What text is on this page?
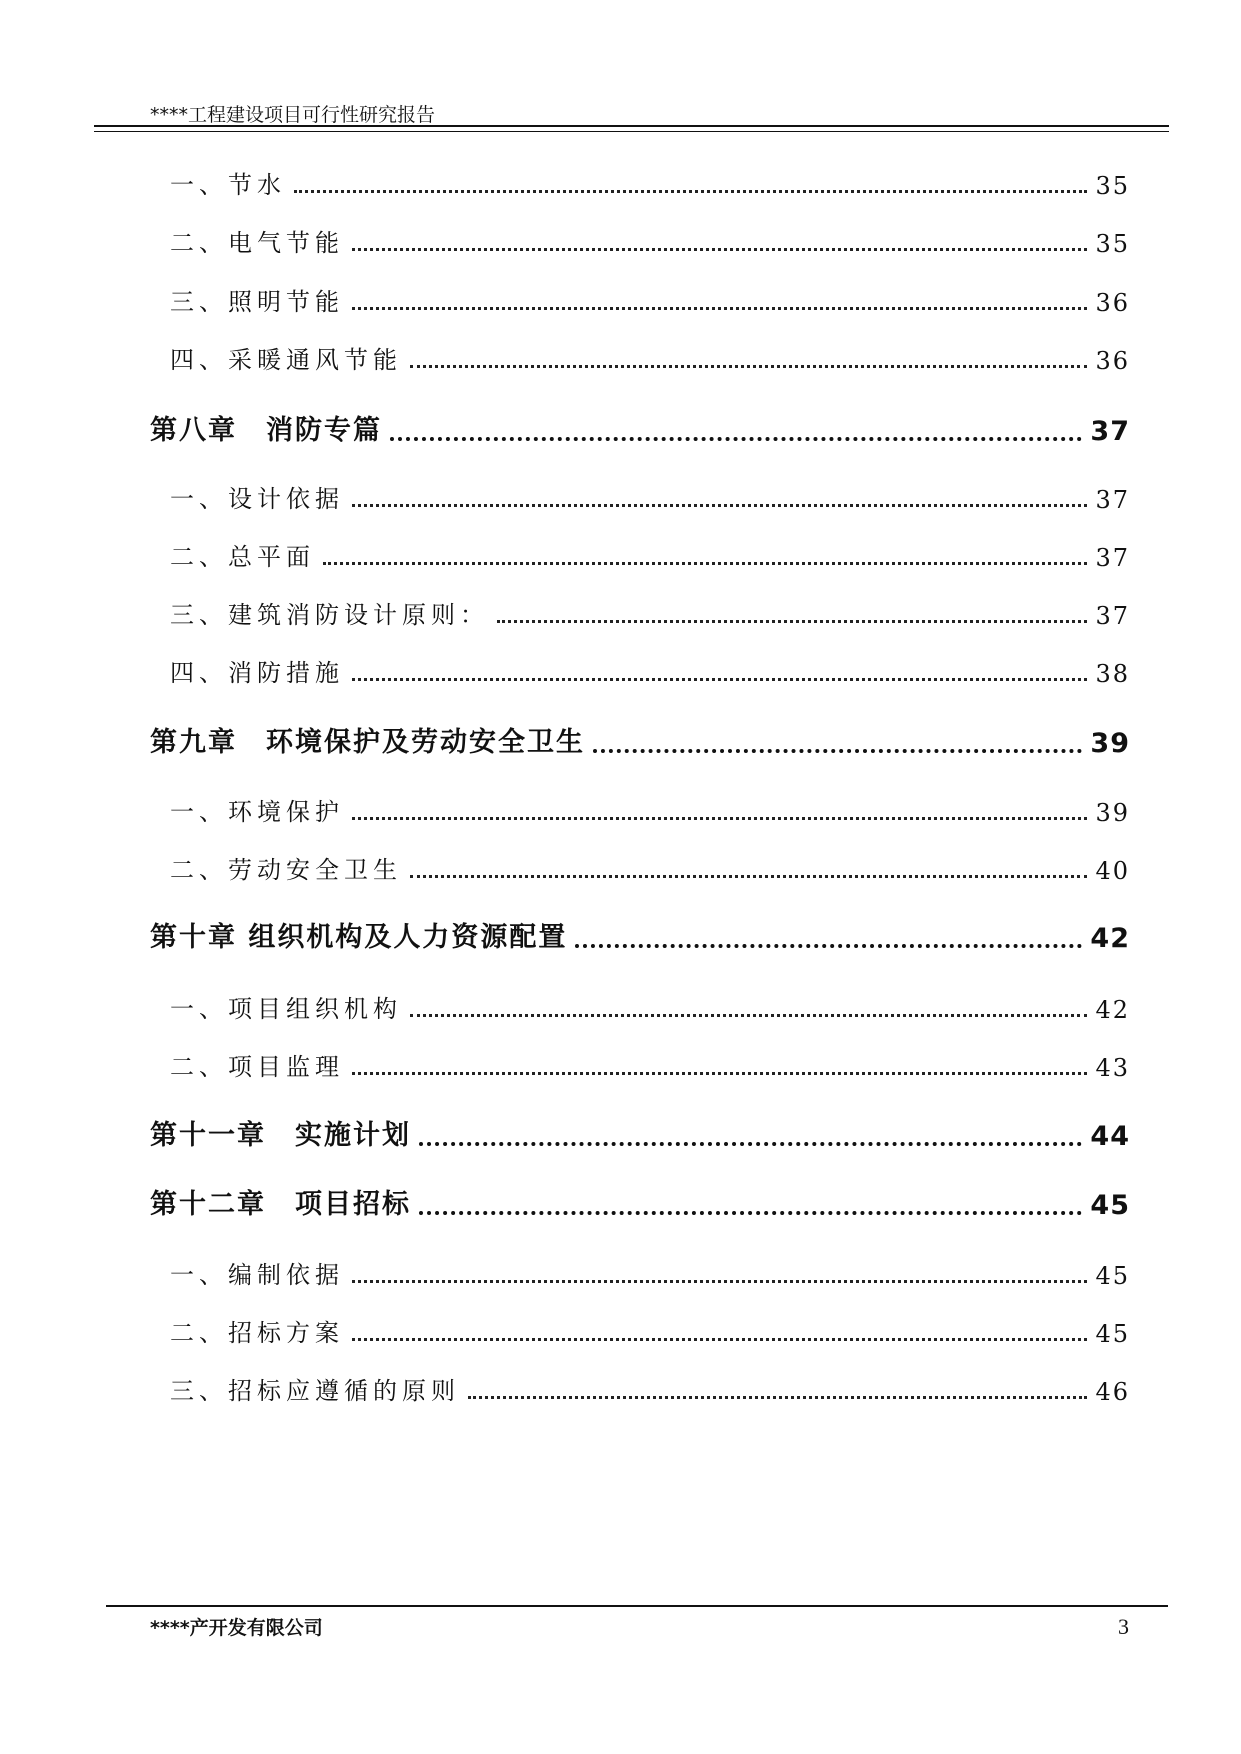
****工程建设项目可行性研究报告
一、节水	35
二、电气节能	35
三、照明节能	36
四、采暖通风节能	36
第八章　消防专篇	37
一、设计依据	37
二、总平面	37
三、建筑消防设计原则：	37
四、消防措施	38
第九章　环境保护及劳动安全卫生	39
一、环境保护	39
二、劳动安全卫生	40
第十章 组织机构及人力资源配置	42
一、项目组织机构	42
二、项目监理	43
第十一章　实施计划	44
第十二章　项目招标	45
一、编制依据	45
二、招标方案	45
三、招标应遵循的原则	46
****产开发有限公司	3
